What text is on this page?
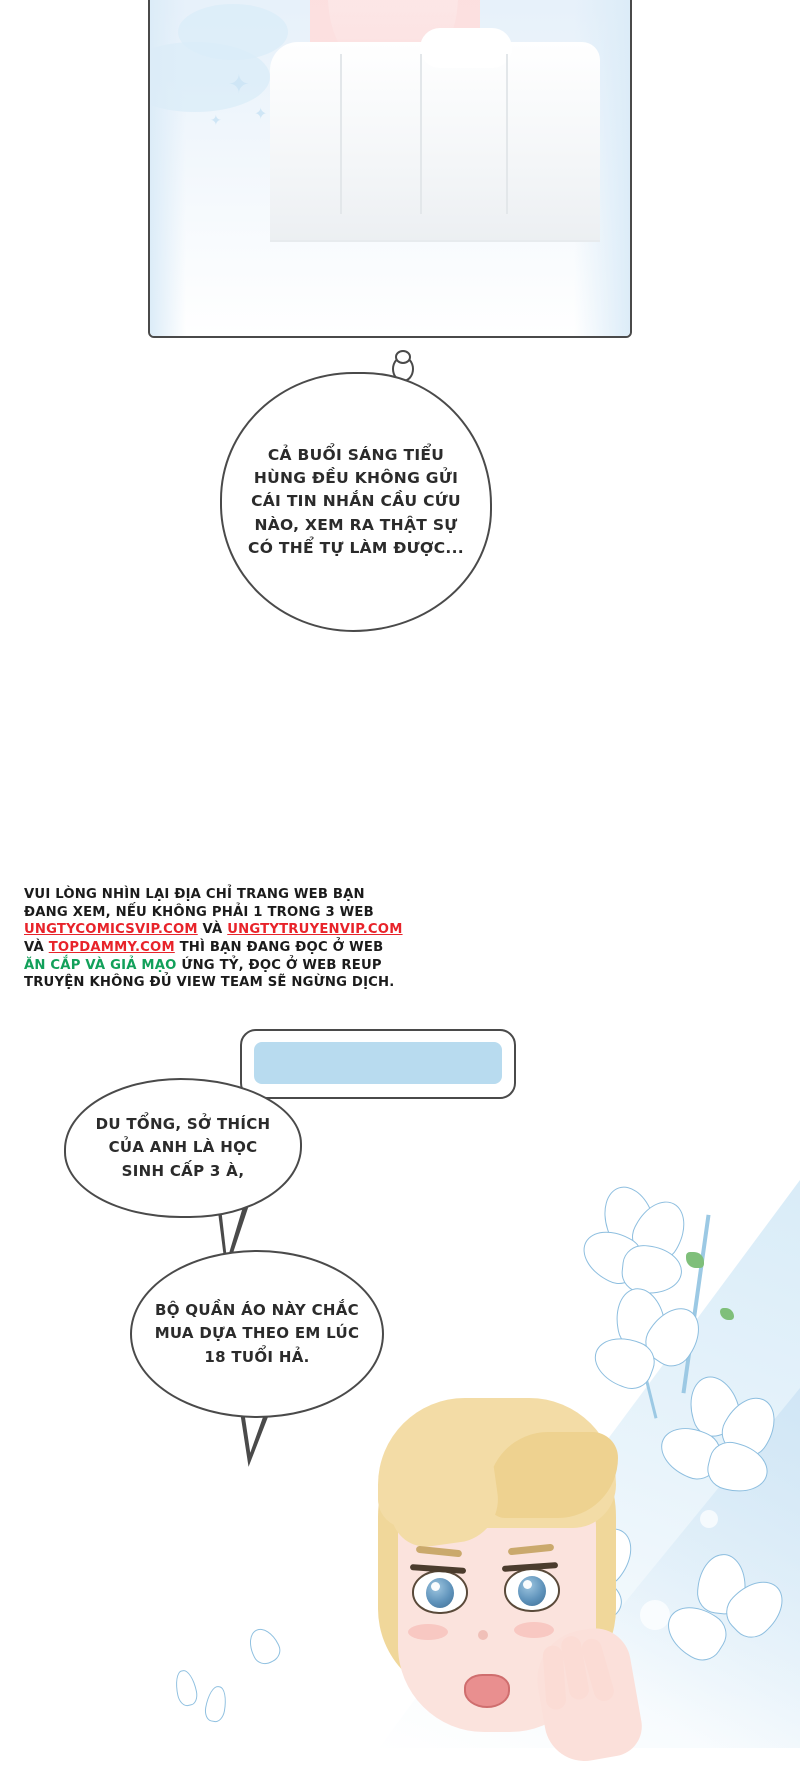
✦
✦
✦
CẢ BUỔI SÁNG TIỂU HÙNG ĐỀU KHÔNG GỬI CÁI TIN NHẮN CẦU CỨU NÀO, XEM RA THẬT SỰ CÓ THỂ TỰ LÀM ĐƯỢC...
VUI LÒNG NHÌN LẠI ĐỊA CHỈ TRANG WEB BẠN
ĐANG XEM, NẾU KHÔNG PHẢI 1 TRONG 3 WEB
UNGTYCOMICSVIP.COM VÀ UNGTYTRUYENVIP.COM
VÀ TOPDAMMY.COM THÌ BẠN ĐANG ĐỌC Ở WEB
ĂN CẮP VÀ GIẢ MẠO ỨNG TỶ, ĐỌC Ở WEB REUP
TRUYỆN KHÔNG ĐỦ VIEW TEAM SẼ NGỪNG DỊCH.
DU TỔNG, SỞ THÍCH CỦA ANH LÀ HỌC SINH CẤP 3 À,
BỘ QUẦN ÁO NÀY CHẮC MUA DỰA THEO EM LÚC 18 TUỔI HẢ.
